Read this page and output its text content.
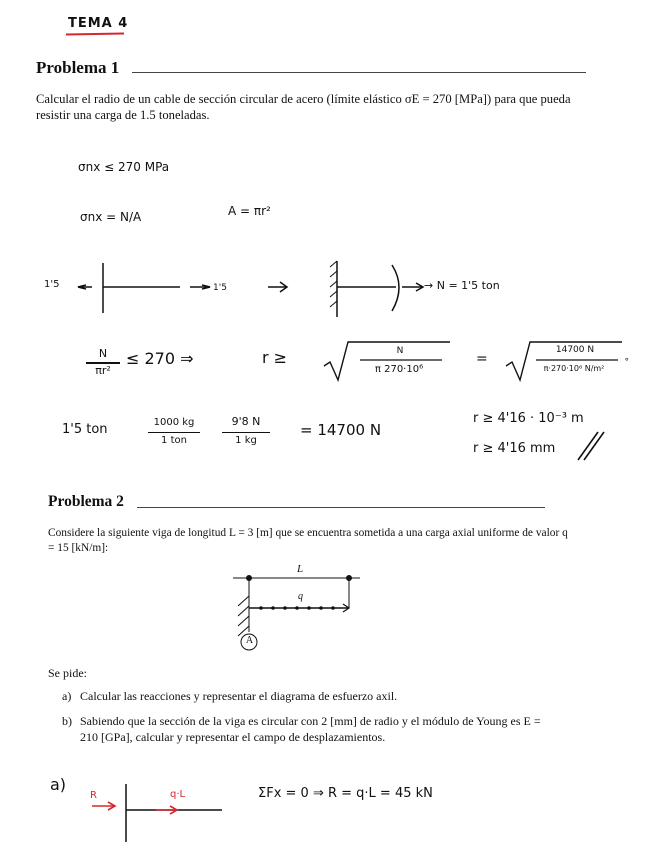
TEMA 4
Problema 1
Calcular el radio de un cable de sección circular de acero (límite elástico σE = 270 [MPa]) para que pueda resistir una carga de 1.5 toneladas.
σnx ≤ 270 MPa
σnx = N/A	A = πr²
1'5	1'5	→ N = 1'5 ton
N
πr²
≤ 270 ⇒	r ≥	N
π 270·10⁶
=
14700 N
π·270·10⁶ N/m²
∘
1'5 ton	1000 kg
1 ton
9'8 N
1 kg
= 14700 N
r ≥ 4'16 · 10⁻³ m
r ≥ 4'16 mm
Problema 2
Considere la siguiente viga de longitud L = 3 [m] que se encuentra sometida a una carga axial uniforme de valor q = 15 [kN/m]:
L
q
A
Se pide:
a) Calcular las reacciones y representar el diagrama de esfuerzo axil.
b) Sabiendo que la sección de la viga es circular con 2 [mm] de radio y el módulo de Young es E = 210 [GPa], calcular y representar el campo de desplazamientos.
a)
R	q·L	ΣFx = 0 ⇒ R = q·L = 45 kN
